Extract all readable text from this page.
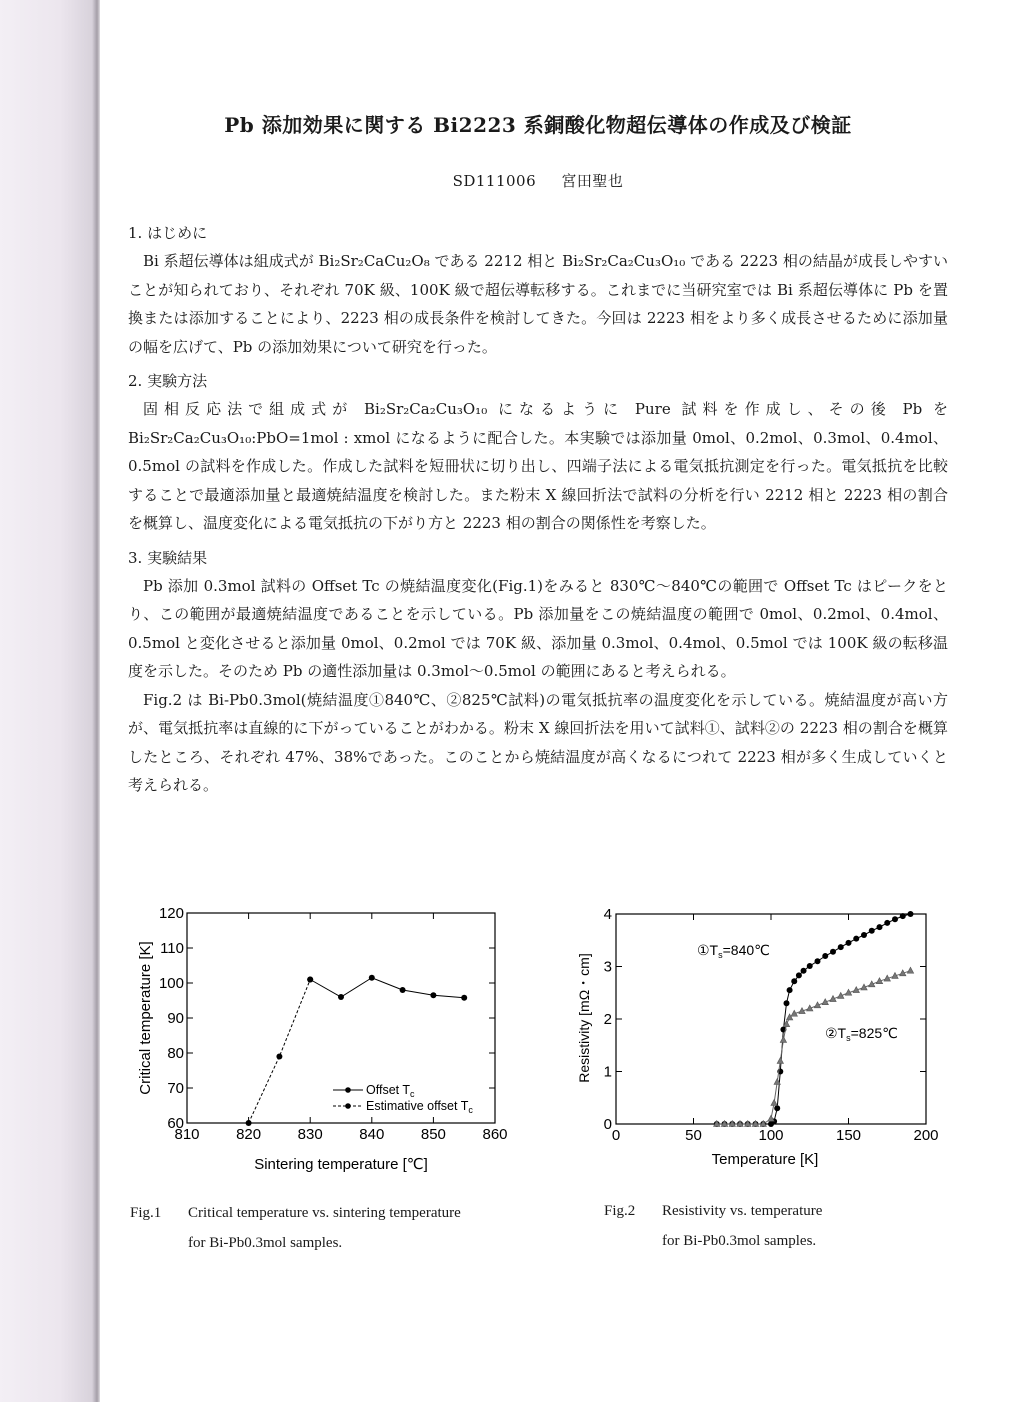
Pb 添加効果に関する Bi2223 系銅酸化物超伝導体の作成及び検証
SD111006 宮田聖也
1. はじめに

Bi 系超伝導体は組成式が Bi₂Sr₂CaCu₂O₈ である 2212 相と Bi₂Sr₂Ca₂Cu₃O₁₀ である 2223 相の結晶が成長しやすいことが知られており、それぞれ 70K 級、100K 級で超伝導転移する。これまでに当研究室では Bi 系超伝導体に Pb を置換または添加することにより、2223 相の成長条件を検討してきた。今回は 2223 相をより多く成長させるために添加量の幅を広げて、Pb の添加効果について研究を行った。

2. 実験方法

固相反応法で組成式が Bi₂Sr₂Ca₂Cu₃O₁₀ になるように Pure 試料を作成し、その後 Pb を Bi₂Sr₂Ca₂Cu₃O₁₀:PbO=1mol : xmol になるように配合した。本実験では添加量 0mol、0.2mol、0.3mol、0.4mol、0.5mol の試料を作成した。作成した試料を短冊状に切り出し、四端子法による電気抵抗測定を行った。電気抵抗を比較することで最適添加量と最適焼結温度を検討した。また粉末 X 線回折法で試料の分析を行い 2212 相と 2223 相の割合を概算し、温度変化による電気抵抗の下がり方と 2223 相の割合の関係性を考察した。

3. 実験結果

Pb 添加 0.3mol 試料の Offset Tc の焼結温度変化(Fig.1)をみると 830℃～840℃の範囲で Offset Tc はピークをとり、この範囲が最適焼結温度であることを示している。Pb 添加量をこの焼結温度の範囲で 0mol、0.2mol、0.4mol、0.5mol と変化させると添加量 0mol、0.2mol では 70K 級、添加量 0.3mol、0.4mol、0.5mol では 100K 級の転移温度を示した。そのため Pb の適性添加量は 0.3mol～0.5mol の範囲にあると考えられる。

Fig.2 は Bi-Pb0.3mol(焼結温度①840℃、②825℃試料)の電気抵抗率の温度変化を示している。焼結温度が高い方が、電気抵抗率は直線的に下がっていることがわかる。粉末 X 線回折法を用いて試料①、試料②の 2223 相の割合を概算したところ、それぞれ 47%、38%であった。このことから焼結温度が高くなるにつれて 2223 相が多く生成していくと考えられる。

810 820 830 840 850 860
60
70
80
90
100
110
120
Offset $T_c$
Estimative offset $T_c$
Sintering temperature [℃]
Critical temperature [K]
0	50	100	150	200
0
1
2
3
4
$①T_s=840℃$
$②T_s=825℃$
Temperature [K]
Resistivity [mΩ・cm]
Fig.1 Critical temperature vs. sintering temperature
for Bi-Pb0.3mol samples.
Fig.2 Resistivity vs. temperature
for Bi-Pb0.3mol samples.
